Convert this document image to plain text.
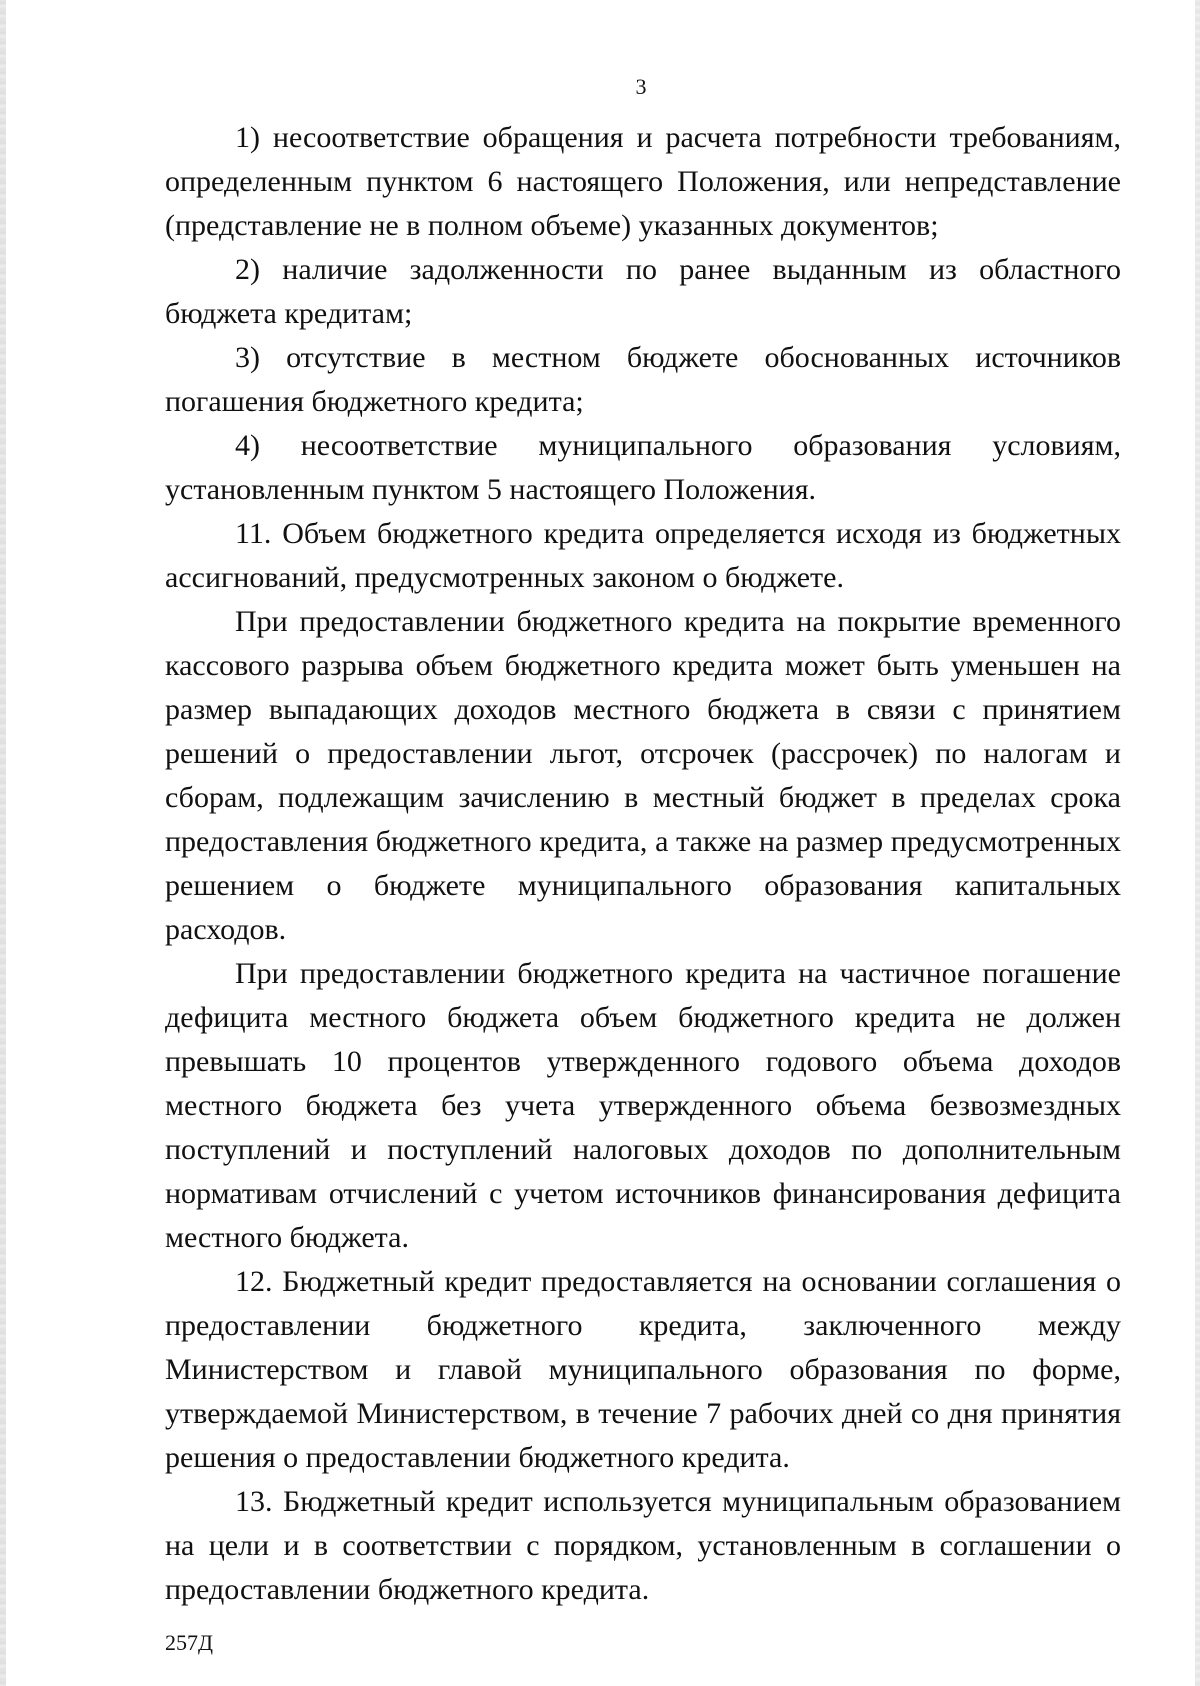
3

1) несоответствие обращения и расчета потребности требованиям, определенным пунктом 6 настоящего Положения, или непредставление (представление не в полном объеме) указанных документов;

2) наличие задолженности по ранее выданным из областного бюджета кредитам;

3) отсутствие в местном бюджете обоснованных источников погашения бюджетного кредита;

4) несоответствие муниципального образования условиям, установленным пунктом 5 настоящего Положения.

11. Объем бюджетного кредита определяется исходя из бюджетных ассигнований, предусмотренных законом о бюджете.

При предоставлении бюджетного кредита на покрытие временного кассового разрыва объем бюджетного кредита может быть уменьшен на размер выпадающих доходов местного бюджета в связи с принятием решений о предоставлении льгот, отсрочек (рассрочек) по налогам и сборам, подлежащим зачислению в местный бюджет в пределах срока предоставления бюджетного кредита, а также на размер предусмотренных решением о бюджете муниципального образования капитальных расходов.

При предоставлении бюджетного кредита на частичное погашение дефицита местного бюджета объем бюджетного кредита не должен превышать 10 процентов утвержденного годового объема доходов местного бюджета без учета утвержденного объема безвозмездных поступлений и поступлений налоговых доходов по дополнительным нормативам отчислений с учетом источников финансирования дефицита местного бюджета.

12. Бюджетный кредит предоставляется на основании соглашения о предоставлении бюджетного кредита, заключенного между Министерством и главой муниципального образования по форме, утверждаемой Министерством, в течение 7 рабочих дней со дня принятия решения о предоставлении бюджетного кредита.

13. Бюджетный кредит используется муниципальным образованием на цели и в соответствии с порядком, установленным в соглашении о предоставлении бюджетного кредита.

257Д
